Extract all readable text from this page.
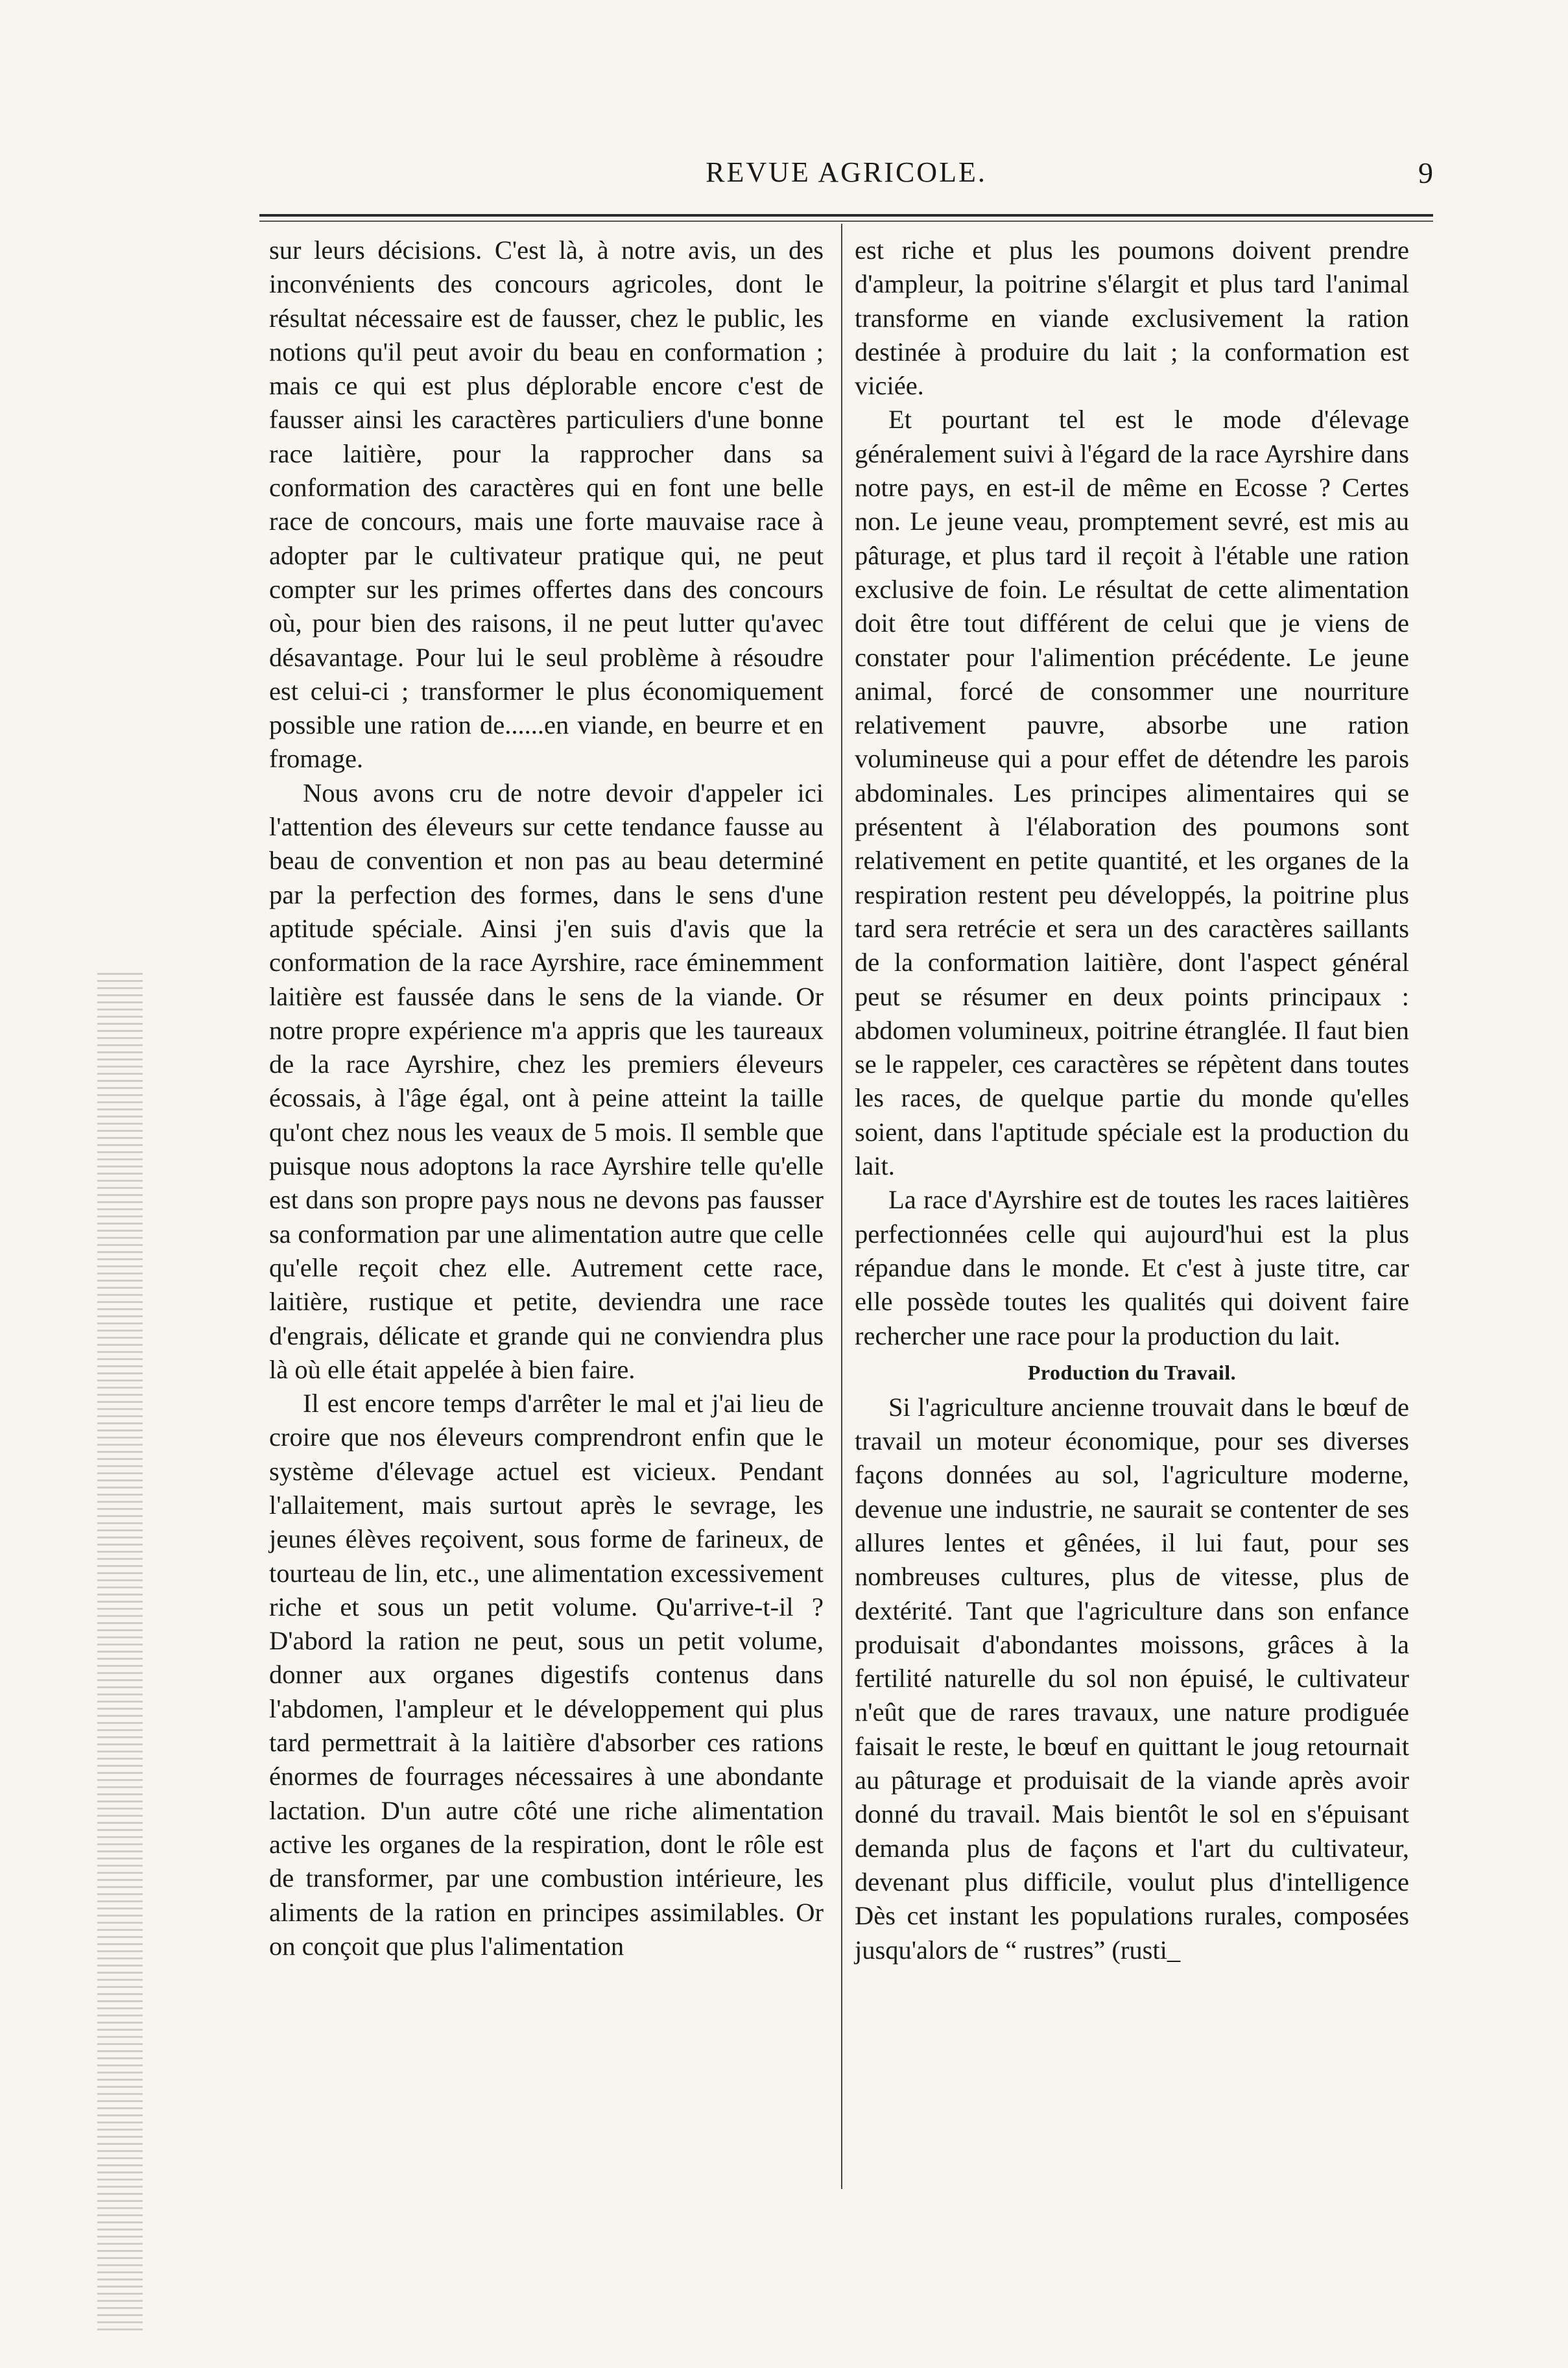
REVUE AGRICOLE.	9

sur leurs décisions. C'est là, à notre avis, un des inconvénients des concours agricoles, dont le résultat nécessaire est de fausser, chez le public, les notions qu'il peut avoir du beau en conformation ; mais ce qui est plus déplorable encore c'est de fausser ainsi les caractères particuliers d'une bonne race laitière, pour la rapprocher dans sa conformation des caractères qui en font une belle race de concours, mais une forte mauvaise race à adopter par le cultivateur pratique qui, ne peut compter sur les primes offertes dans des concours où, pour bien des raisons, il ne peut lutter qu'avec désavantage. Pour lui le seul problème à résoudre est celui-ci ; transformer le plus économiquement possible une ration de......en viande, en beurre et en fromage.

Nous avons cru de notre devoir d'appeler ici l'attention des éleveurs sur cette tendance fausse au beau de convention et non pas au beau determiné par la perfection des formes, dans le sens d'une aptitude spéciale. Ainsi j'en suis d'avis que la conformation de la race Ayrshire, race éminemment laitière est faussée dans le sens de la viande. Or notre propre expérience m'a appris que les taureaux de la race Ayrshire, chez les premiers éleveurs écossais, à l'âge égal, ont à peine atteint la taille qu'ont chez nous les veaux de 5 mois. Il semble que puisque nous adoptons la race Ayrshire telle qu'elle est dans son propre pays nous ne devons pas fausser sa conformation par une alimentation autre que celle qu'elle reçoit chez elle. Autrement cette race, laitière, rustique et petite, deviendra une race d'engrais, délicate et grande qui ne conviendra plus là où elle était appelée à bien faire.

Il est encore temps d'arrêter le mal et j'ai lieu de croire que nos éleveurs comprendront enfin que le système d'élevage actuel est vicieux. Pendant l'allaitement, mais surtout après le sevrage, les jeunes élèves reçoivent, sous forme de farineux, de tourteau de lin, etc., une alimentation excessivement riche et sous un petit volume. Qu'arrive-t-il ? D'abord la ration ne peut, sous un petit volume, donner aux organes digestifs contenus dans l'abdomen, l'ampleur et le développement qui plus tard permettrait à la laitière d'absorber ces rations énormes de fourrages nécessaires à une abondante lactation. D'un autre côté une riche alimentation active les organes de la respiration, dont le rôle est de transformer, par une combustion intérieure, les aliments de la ration en principes assimilables. Or on conçoit que plus l'alimentation

est riche et plus les poumons doivent prendre d'ampleur, la poitrine s'élargit et plus tard l'animal transforme en viande exclusivement la ration destinée à produire du lait ; la conformation est viciée.

Et pourtant tel est le mode d'élevage généralement suivi à l'égard de la race Ayrshire dans notre pays, en est-il de même en Ecosse ? Certes non. Le jeune veau, promptement sevré, est mis au pâturage, et plus tard il reçoit à l'étable une ration exclusive de foin. Le résultat de cette alimentation doit être tout différent de celui que je viens de constater pour l'alimention précédente. Le jeune animal, forcé de consommer une nourriture relativement pauvre, absorbe une ration volumineuse qui a pour effet de détendre les parois abdominales. Les principes alimentaires qui se présentent à l'élaboration des poumons sont relativement en petite quantité, et les organes de la respiration restent peu développés, la poitrine plus tard sera retrécie et sera un des caractères saillants de la conformation laitière, dont l'aspect général peut se résumer en deux points principaux : abdomen volumineux, poitrine étranglée. Il faut bien se le rappeler, ces caractères se répètent dans toutes les races, de quelque partie du monde qu'elles soient, dans l'aptitude spéciale est la production du lait.

La race d'Ayrshire est de toutes les races laitières perfectionnées celle qui aujourd'hui est la plus répandue dans le monde. Et c'est à juste titre, car elle possède toutes les qualités qui doivent faire rechercher une race pour la production du lait.

Production du Travail.

Si l'agriculture ancienne trouvait dans le bœuf de travail un moteur économique, pour ses diverses façons données au sol, l'agriculture moderne, devenue une industrie, ne saurait se contenter de ses allures lentes et gênées, il lui faut, pour ses nombreuses cultures, plus de vitesse, plus de dextérité. Tant que l'agriculture dans son enfance produisait d'abondantes moissons, grâces à la fertilité naturelle du sol non épuisé, le cultivateur n'eût que de rares travaux, une nature prodiguée faisait le reste, le bœuf en quittant le joug retournait au pâturage et produisait de la viande après avoir donné du travail. Mais bientôt le sol en s'épuisant demanda plus de façons et l'art du cultivateur, devenant plus difficile, voulut plus d'intelligence Dès cet instant les populations rurales, composées jusqu'alors de “ rustres” (rusti_
